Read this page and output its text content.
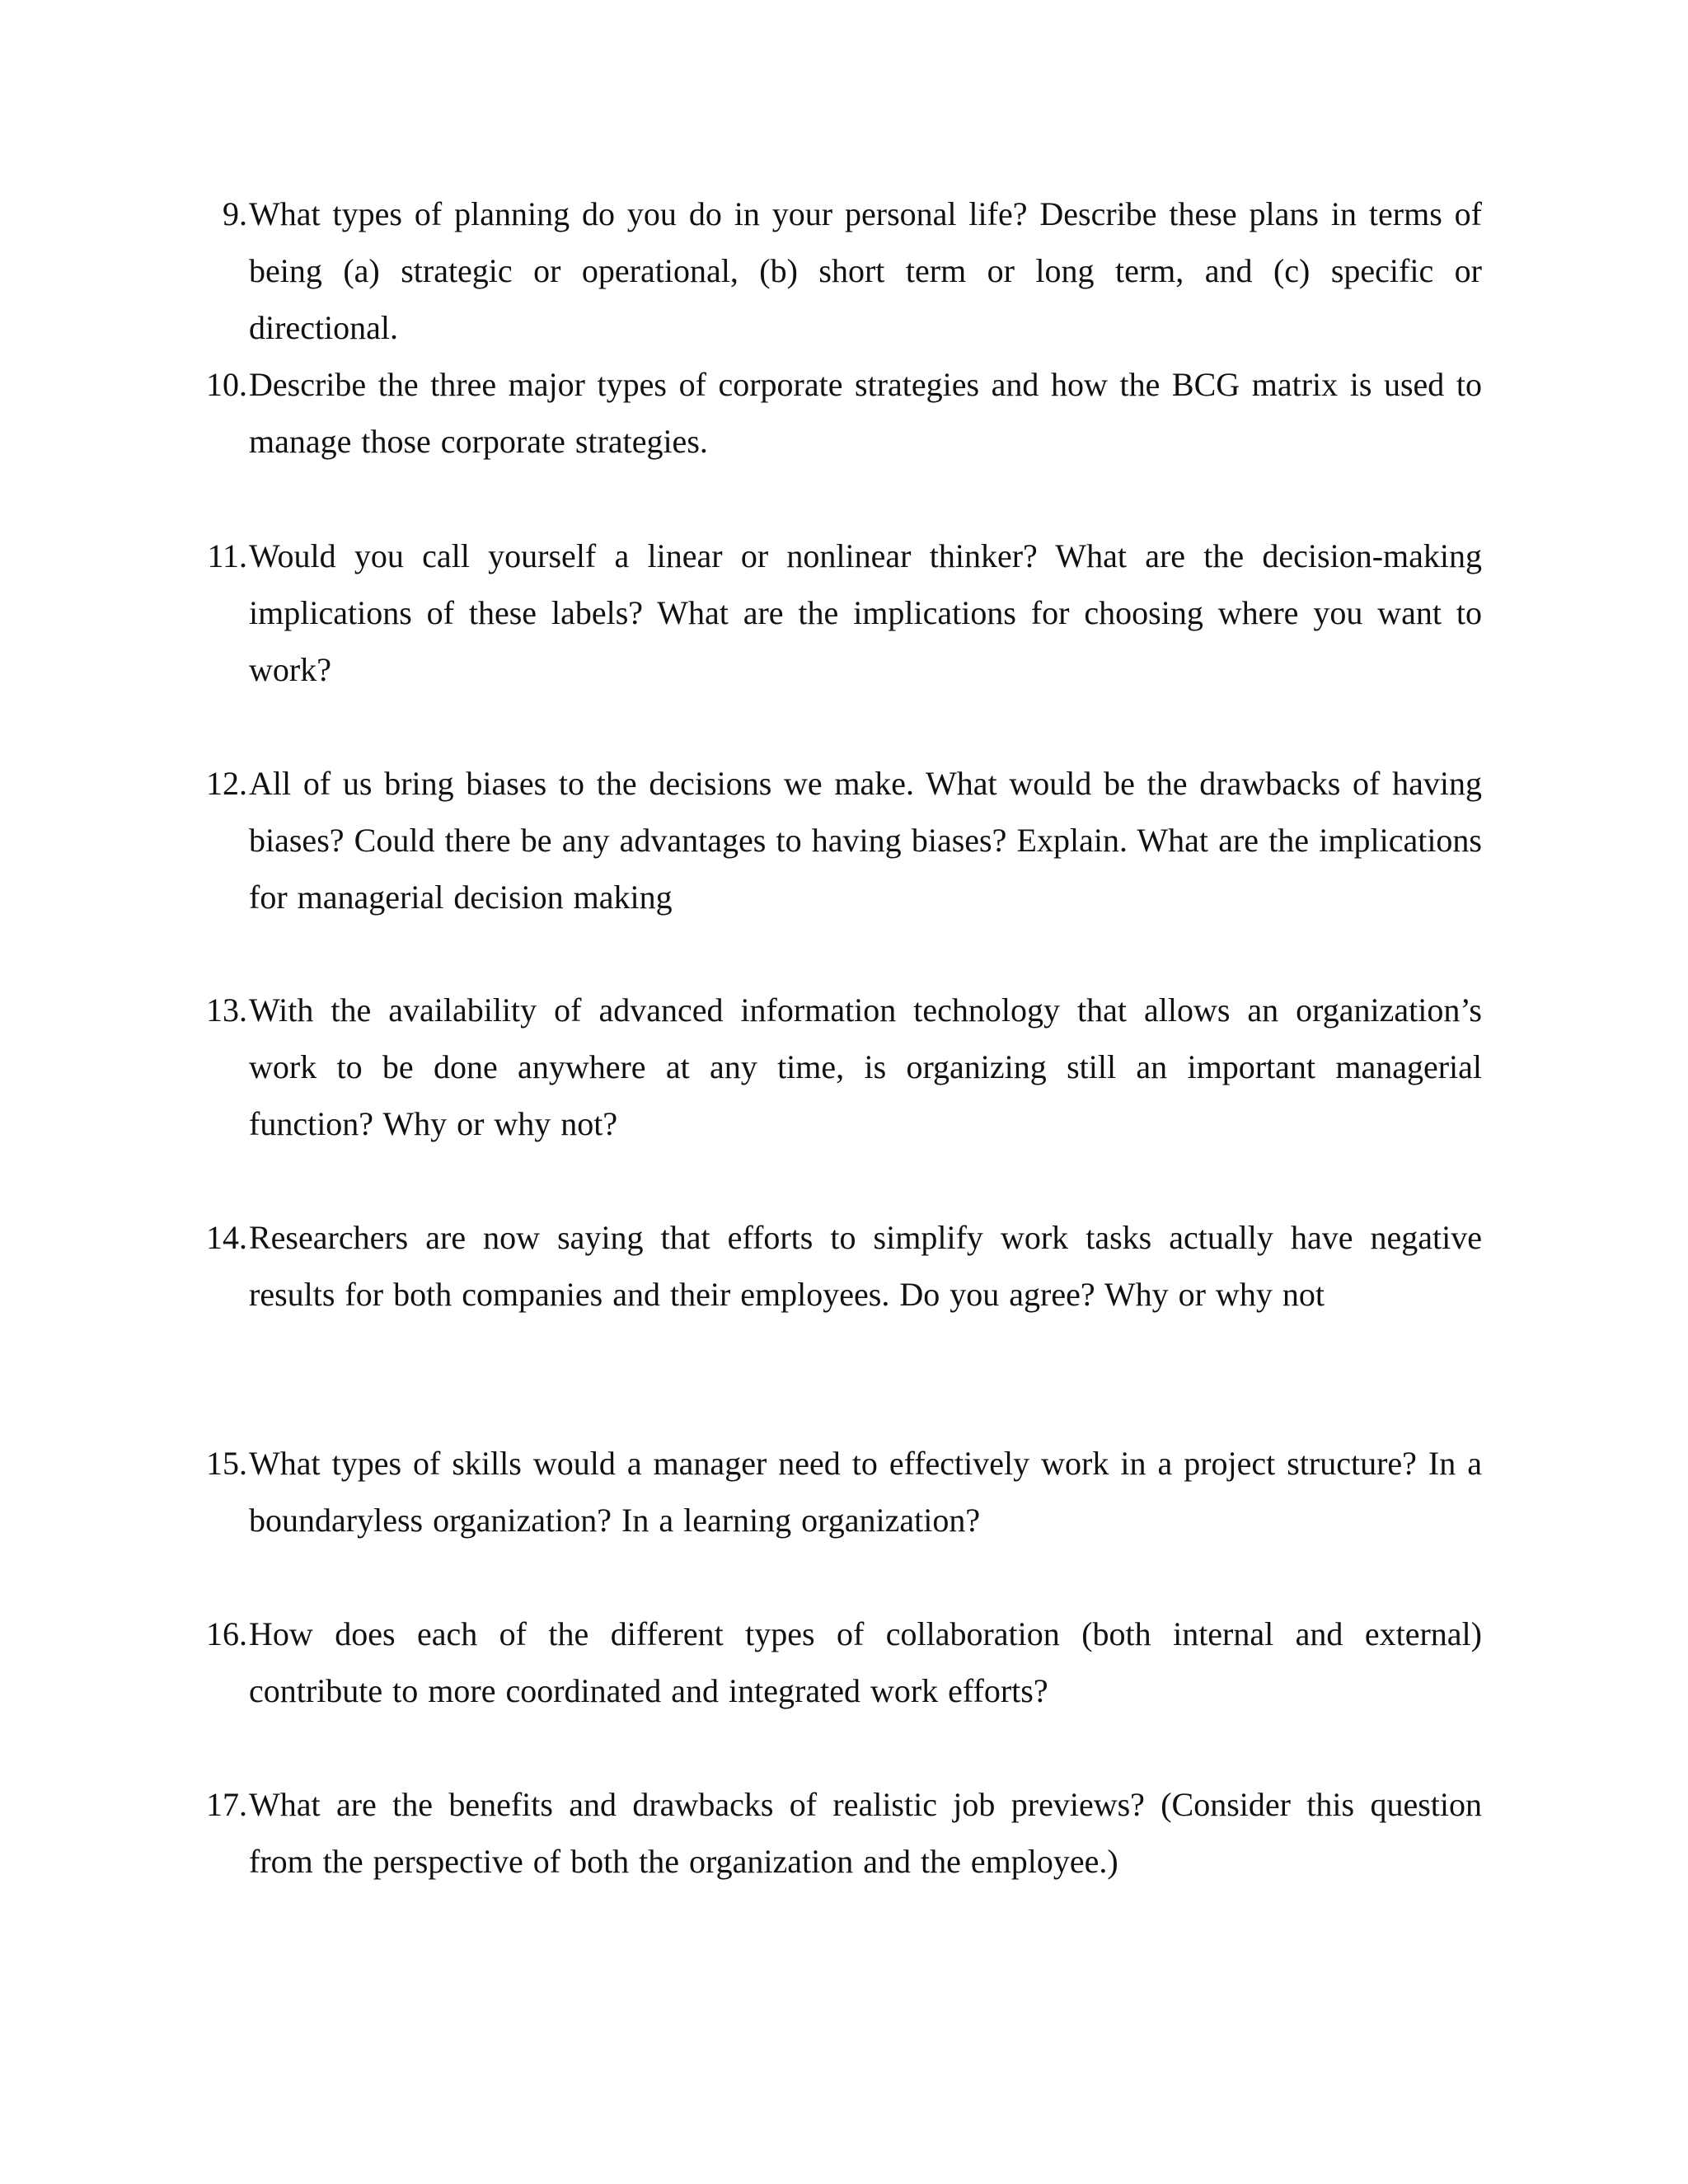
9. What types of planning do you do in your personal life? Describe these plans in terms of being (a) strategic or operational, (b) short term or long term, and (c) specific or directional.
10. Describe the three major types of corporate strategies and how the BCG matrix is used to manage those corporate strategies.
11. Would you call yourself a linear or nonlinear thinker? What are the decision-making implications of these labels? What are the implications for choosing where you want to work?
12. All of us bring biases to the decisions we make. What would be the drawbacks of having biases? Could there be any advantages to having biases? Explain. What are the implications for managerial decision making
13. With the availability of advanced information technology that allows an organization’s work to be done anywhere at any time, is organizing still an important managerial function? Why or why not?
14. Researchers are now saying that efforts to simplify work tasks actually have negative results for both companies and their employees. Do you agree? Why or why not
15. What types of skills would a manager need to effectively work in a project structure? In a boundaryless organization? In a learning organization?
16. How does each of the different types of collaboration (both internal and external) contribute to more coordinated and integrated work efforts?
17. What are the benefits and drawbacks of realistic job previews? (Consider this question from the perspective of both the organization and the employee.)
